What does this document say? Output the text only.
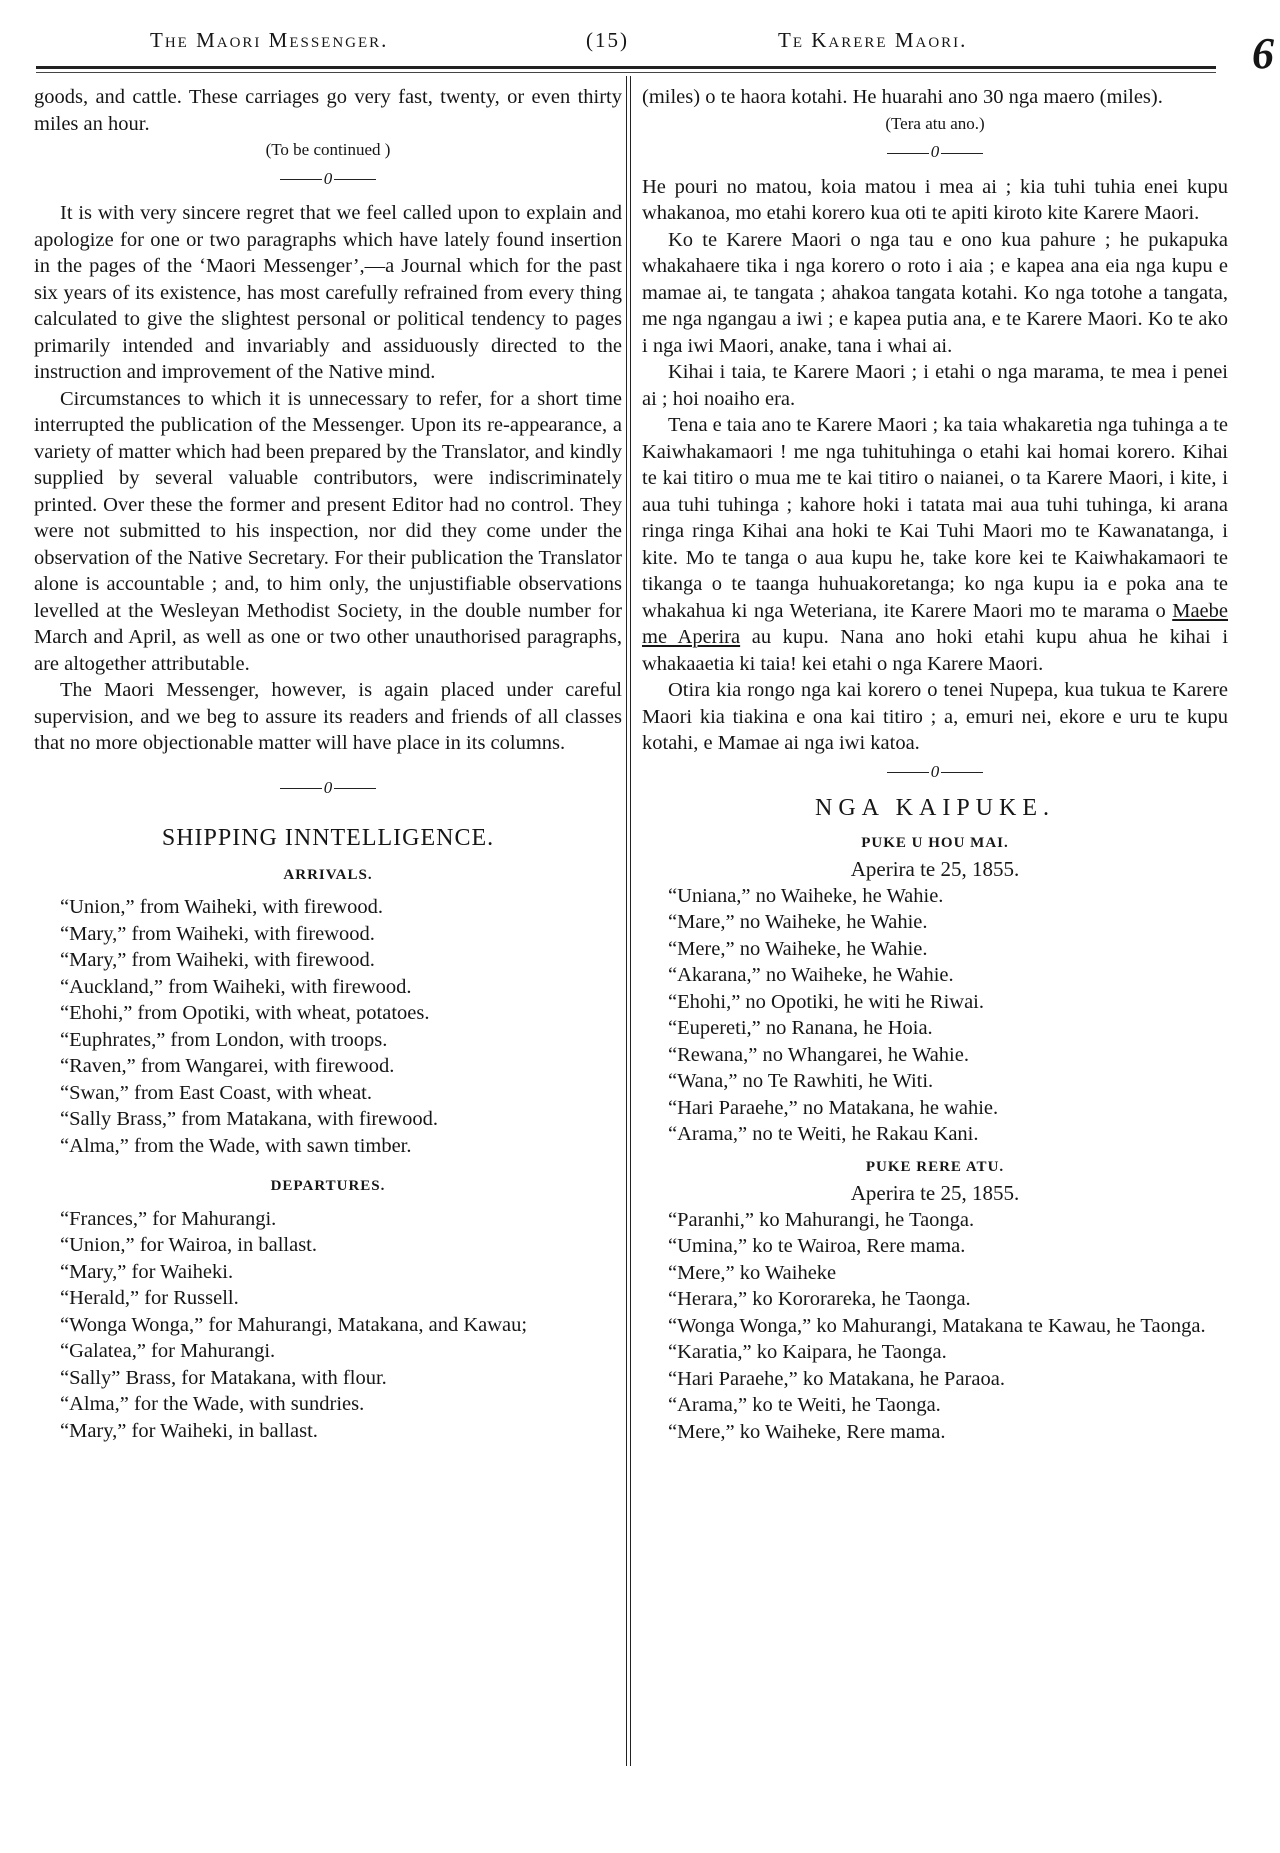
The Maori Messenger.	(15)	Te Karere Maori.	6

goods, and cattle. These carriages go very fast, twenty, or even thirty miles an hour.

(To be continued )
0

It is with very sincere regret that we feel called upon to explain and apologize for one or two paragraphs which have lately found insertion in the pages of the ‘Maori Messenger’,—a Journal which for the past six years of its existence, has most carefully refrained from every thing calculated to give the slightest personal or political tendency to pages primarily intended and invariably and assiduously directed to the instruction and improvement of the Native mind.

Circumstances to which it is unnecessary to refer, for a short time interrupted the publication of the Messenger. Upon its re-appearance, a variety of matter which had been prepared by the Translator, and kindly supplied by several valuable contributors, were indiscriminately printed. Over these the former and present Editor had no control. They were not submitted to his inspection, nor did they come under the observation of the Native Secretary. For their publication the Translator alone is accountable ; and, to him only, the unjustifiable observations levelled at the Wesleyan Methodist Society, in the double number for March and April, as well as one or two other unauthorised paragraphs, are altogether attributable.

The Maori Messenger, however, is again placed under careful supervision, and we beg to assure its readers and friends of all classes that no more objectionable matter will have place in its columns.

0
SHIPPING INNTELLIGENCE.
ARRIVALS.
“Union,” from Waiheki, with firewood.
“Mary,” from Waiheki, with firewood.
“Mary,” from Waiheki, with firewood.
“Auckland,” from Waiheki, with firewood.
“Ehohi,” from Opotiki, with wheat, potatoes.
“Euphrates,” from London, with troops.
“Raven,” from Wangarei, with firewood.
“Swan,” from East Coast, with wheat.
“Sally Brass,” from Matakana, with firewood.
“Alma,” from the Wade, with sawn timber.
DEPARTURES.
“Frances,” for Mahurangi.
“Union,” for Wairoa, in ballast.
“Mary,” for Waiheki.
“Herald,” for Russell.
“Wonga Wonga,” for Mahurangi, Matakana, and Kawau;
“Galatea,” for Mahurangi.
“Sally” Brass, for Matakana, with flour.
“Alma,” for the Wade, with sundries.
“Mary,” for Waiheki, in ballast.

(miles) o te haora kotahi. He huarahi ano 30 nga maero (miles).

(Tera atu ano.)
0

He pouri no matou, koia matou i mea ai ; kia tuhi tuhia enei kupu whakanoa, mo etahi korero kua oti te apiti kiroto kite Karere Maori.

Ko te Karere Maori o nga tau e ono kua pahure ; he pukapuka whakahaere tika i nga korero o roto i aia ; e kapea ana eia nga kupu e mamae ai, te tangata ; ahakoa tangata kotahi. Ko nga totohe a tangata, me nga ngangau a iwi ; e kapea putia ana, e te Karere Maori. Ko te ako i nga iwi Maori, anake, tana i whai ai.

Kihai i taia, te Karere Maori ; i etahi o nga marama, te mea i penei ai ; hoi noaiho era.

Tena e taia ano te Karere Maori ; ka taia whakaretia nga tuhinga a te Kaiwhakamaori ! me nga tuhituhinga o etahi kai homai korero. Kihai te kai titiro o mua me te kai titiro o naianei, o ta Karere Maori, i kite, i aua tuhi tuhinga ; kahore hoki i tatata mai aua tuhi tuhinga, ki arana ringa ringa Kihai ana hoki te Kai Tuhi Maori mo te Kawanatanga, i kite. Mo te tanga o aua kupu he, take kore kei te Kaiwhakamaori te tikanga o te taanga huhuakoretanga; ko nga kupu ia e poka ana te whakahua ki nga Weteriana, ite Karere Maori mo te marama o Maebe me Aperira au kupu. Nana ano hoki etahi kupu ahua he kihai i whakaaetia ki taia! kei etahi o nga Karere Maori.

Otira kia rongo nga kai korero o tenei Nupepa, kua tukua te Karere Maori kia tiakina e ona kai titiro ; a, emuri nei, ekore e uru te kupu kotahi, e Mamae ai nga iwi katoa.

0
NGA KAIPUKE.
PUKE U HOU MAI.
Aperira te 25, 1855.
“Uniana,” no Waiheke, he Wahie.
“Mare,” no Waiheke, he Wahie.
“Mere,” no Waiheke, he Wahie.
“Akarana,” no Waiheke, he Wahie.
“Ehohi,” no Opotiki, he witi he Riwai.
“Eupereti,” no Ranana, he Hoia.
“Rewana,” no Whangarei, he Wahie.
“Wana,” no Te Rawhiti, he Witi.
“Hari Paraehe,” no Matakana, he wahie.
“Arama,” no te Weiti, he Rakau Kani.
PUKE RERE ATU.
Aperira te 25, 1855.
“Paranhi,” ko Mahurangi, he Taonga.
“Umina,” ko te Wairoa, Rere mama.
“Mere,” ko Waiheke
“Herara,” ko Kororareka, he Taonga.
“Wonga Wonga,” ko Mahurangi, Matakana te Kawau, he Taonga.
“Karatia,” ko Kaipara, he Taonga.
“Hari Paraehe,” ko Matakana, he Paraoa.
“Arama,” ko te Weiti, he Taonga.
“Mere,” ko Waiheke, Rere mama.
